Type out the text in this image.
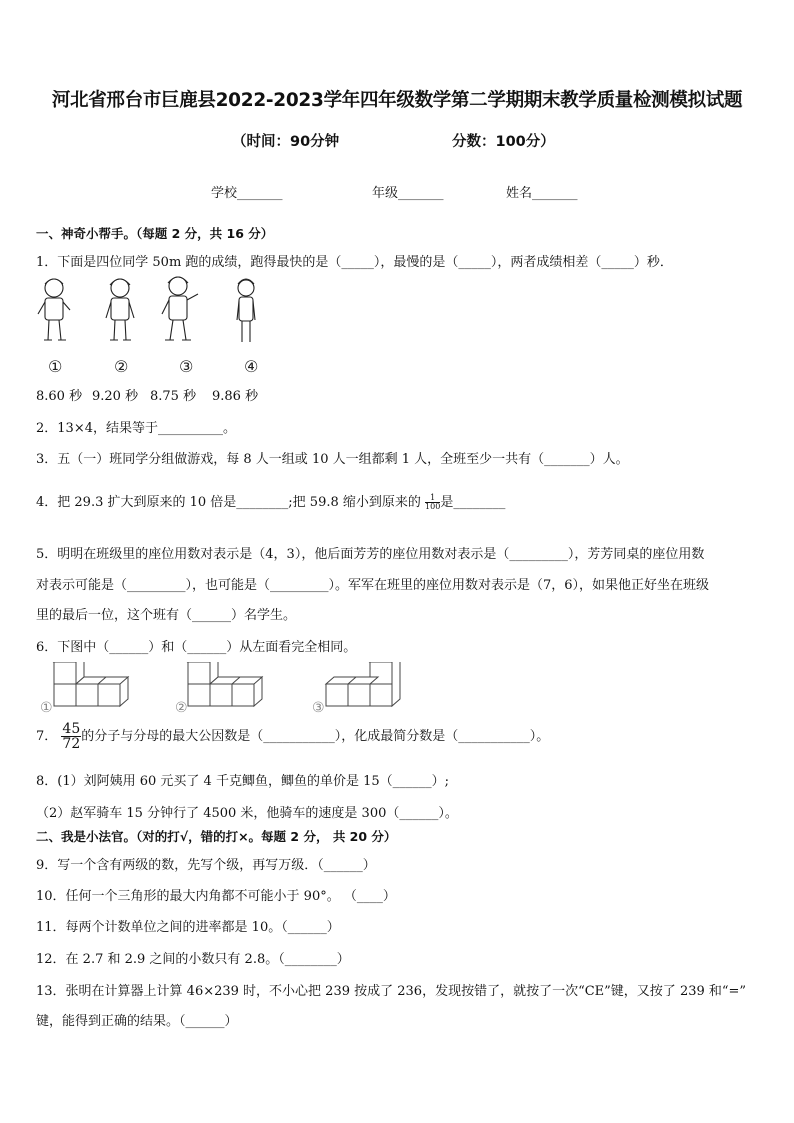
河北省邢台市巨鹿县2022-2023学年四年级数学第二学期期末教学质量检测模拟试题
（时间：90分钟	分数：100分）
学校_______	年级_______	姓名_______
一、神奇小帮手。（每题 2 分，共 16 分）
1．下面是四位同学 50m 跑的成绩，跑得最快的是（_____），最慢的是（_____），两者成绩相差（_____）秒．
①	②	③	④
8.60 秒 9.20 秒 8.75 秒 9.86 秒
2．13×4，结果等于__________。
3．五（一）班同学分组做游戏，每 8 人一组或 10 人一组都剩 1 人，全班至少一共有（_______）人。
4．把 29.3 扩大到原来的 10 倍是________;把 59.8 缩小到原来的 $\frac{1}{100}$ 是________
5．明明在班级里的座位用数对表示是（4，3），他后面芳芳的座位用数对表示是（_________），芳芳同桌的座位用数
对表示可能是（_________），也可能是（_________）。军军在班里的座位用数对表示是（7，6），如果他正好坐在班级
里的最后一位，这个班有（______）名学生。
6．下图中（______）和（______）从左面看完全相同。
①	②	③
7． $\frac{45}{72}$ 的分子与分母的最大公因数是（___________），化成最简分数是（___________）。
8．(1）刘阿姨用 60 元买了 4 千克鲫鱼，鲫鱼的单价是 15（______）;
（2）赵军骑车 15 分钟行了 4500 米，他骑车的速度是 300（______）。
二、我是小法官。（对的打√，错的打×。每题 2 分， 共 20 分）
9．写一个含有两级的数，先写个级，再写万级．（______）
10．任何一个三角形的最大内角都不可能小于 90°。 （____）
11．每两个计数单位之间的进率都是 10。（______）
12．在 2.7 和 2.9 之间的小数只有 2.8。（________）
13．张明在计算器上计算 46×239 时，不小心把 239 按成了 236，发现按错了，就按了一次“CE”键，又按了 239 和“=”
键，能得到正确的结果。（______）
